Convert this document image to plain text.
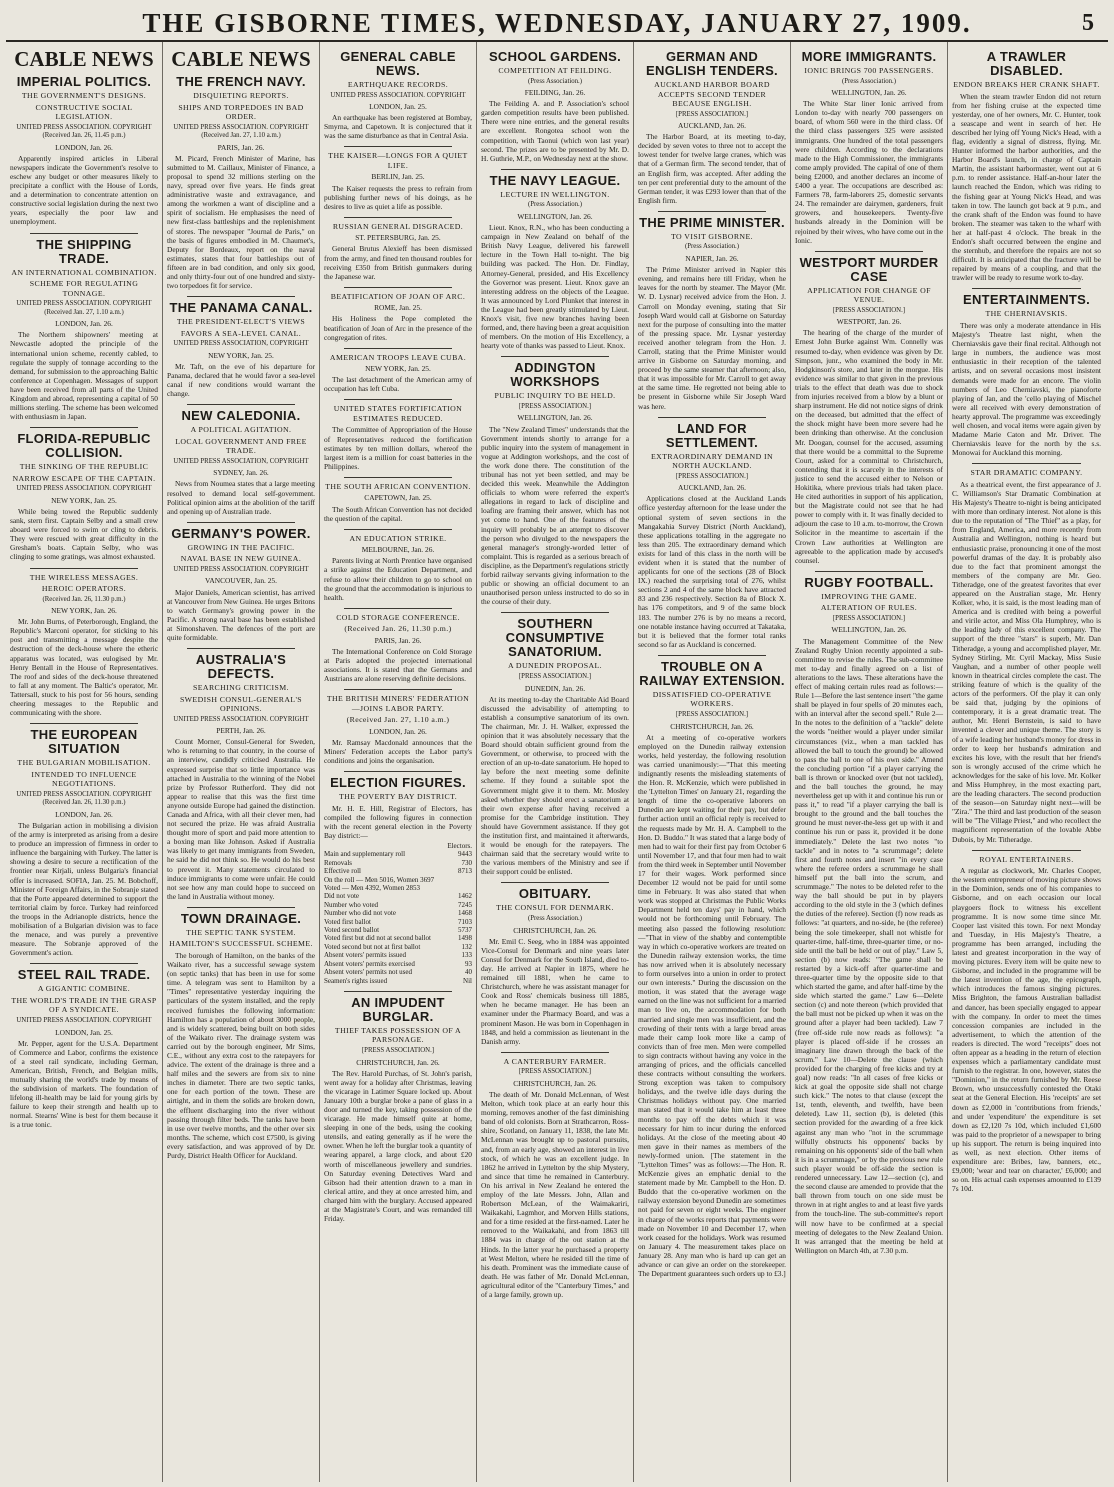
THE GISBORNE TIMES, WEDNESDAY, JANUARY 27, 1909.	5
CABLE NEWS
IMPERIAL POLITICS.
THE GOVERNMENT'S DESIGNS.
CONSTRUCTIVE SOCIAL LEGISLATION.
UNITED PRESS ASSOCIATION. COPYRIGHT (Received Jan. 26, 11.45 p.m.)
LONDON, Jan. 26.

Apparently inspired articles in Liberal newspapers indicate the Government's resolve to eschew any budget or other measures likely to precipitate a conflict with the House of Lords, and a determination to concentrate attention on constructive social legislation during the next two years, especially the poor law and unemployment.

THE SHIPPING TRADE.
AN INTERNATIONAL COMBINATION.
SCHEME FOR REGULATING TONNAGE.
UNITED PRESS ASSOCIATION. COPYRIGHT (Received Jan. 27, 1.10 a.m.)
LONDON, Jan. 26.

The Northern shipowners' meeting at Newcastle adopted the principle of the international union scheme, recently cabled, to regulate the supply of tonnage according to the demand, for submission to the approaching Baltic conference at Copenhagen. Messages of support have been received from all parts of the United Kingdom and abroad, representing a capital of 50 millions sterling. The scheme has been welcomed with enthusiasm in Japan.

FLORIDA-REPUBLIC COLLISION.
THE SINKING OF THE REPUBLIC
NARROW ESCAPE OF THE CAPTAIN.
UNITED PRESS ASSOCIATION. COPYRIGHT
NEW YORK, Jan. 25.

While being towed the Republic suddenly sank, stern first. Captain Selby and a small crew aboard were forced to swim or cling to debris. They were rescued with great difficulty in the Gresham's boats. Captain Selby, who was clinging to some gratings, was almost exhausted.

THE WIRELESS MESSAGES.
HEROIC OPERATORS.
(Received Jan. 26, 11.30 p.m.)
NEW YORK, Jan. 26.

Mr. John Burns, of Peterborough, England, the Republic's Marconi operator, for sticking to his post and transmitting a message despite the destruction of the deck-house where the etheric apparatus was located, was eulogised by Mr. Henry Bentall in the House of Representatives. The roof and sides of the deck-house threatened to fall at any moment. The Baltic's operator, Mr. Tattersall, stuck to his post for 56 hours, sending cheering messages to the Republic and communicating with the shore.

THE EUROPEAN SITUATION
THE BULGARIAN MOBILISATION.
INTENDED TO INFLUENCE NEGOTIATIONS.
UNITED PRESS ASSOCIATION. COPYRIGHT (Received Jan. 26, 11.30 p.m.)
LONDON, Jan. 26.

The Bulgarian action in mobilising a division of the army is interpreted as arising from a desire to produce an impression of firmness in order to influence the bargaining with Turkey. The latter is showing a desire to secure a rectification of the frontier near Kirjali, unless Bulgaria's financial offer is increased. SOFIA, Jan. 25. M. Bobchoff, Minister of Foreign Affairs, in the Sobranje stated that the Porte appeared determined to support the territorial claim by force. Turkey had reinforced the troops in the Adrianople districts, hence the mobilisation of a Bulgarian division was to face the menace, and was purely a preventive measure. The Sobranje approved of the Government's action.

STEEL RAIL TRADE.
A GIGANTIC COMBINE.
THE WORLD'S TRADE IN THE GRASP OF A SYNDICATE.
UNITED PRESS ASSOCIATION. COPYRIGHT
LONDON, Jan. 25.

Mr. Pepper, agent for the U.S.A. Department of Commerce and Labor, confirms the existence of a steel rail syndicate, including German, American, British, French, and Belgian mills, mutually sharing the world's trade by means of the subdivision of markets. The foundation of lifelong ill-health may be laid for young girls by failure to keep their strength and health up to normal. Stearns' Wine is best for them because it is a true tonic.

CABLE NEWS
THE FRENCH NAVY.
DISQUIETING REPORTS.
SHIPS AND TORPEDOES IN BAD ORDER.
UNITED PRESS ASSOCIATION. COPYRIGHT (Received Jan. 27, 1.10 a.m.)
PARIS, Jan. 26.

M. Picard, French Minister of Marine, has submitted to M. Caillaux, Minister of Finance, a proposal to spend 32 millions sterling on the navy, spread over five years. He finds great administrative waste and extravagance, and among the workmen a want of discipline and a spirit of socialism. He emphasises the need of new first-class battleships and the replenishment of stores. The newspaper "Journal de Paris," on the basis of figures embodied in M. Chaumet's, Deputy for Bordeaux, report on the naval estimates, states that four battleships out of fifteen are in bad condition, and only six good, and only thirty-four out of one hundred and sixty-two torpedoes fit for service.

THE PANAMA CANAL.
THE PRESIDENT-ELECT'S VIEWS
FAVORS A SEA-LEVEL CANAL.
UNITED PRESS ASSOCIATION, COPYRIGHT
NEW YORK, Jan. 25.

Mr. Taft, on the eve of his departure for Panama, declared that he would favor a sea-level canal if new conditions would warrant the change.

NEW CALEDONIA.
A POLITICAL AGITATION.
LOCAL GOVERNMENT AND FREE TRADE.
UNITED PRESS ASSOCIATION, COPYRIGHT
SYDNEY, Jan. 26.

News from Noumea states that a large meeting resolved to demand local self-government. Political opinion aims at the abolition of the tariff and opening up of Australian trade.

GERMANY'S POWER.
GROWING IN THE PACIFIC.
NAVAL BASE IN NEW GUINEA.
UNITED PRESS ASSOCIATION. COPYRIGHT
VANCOUVER, Jan. 25.

Major Daniels, American scientist, has arrived at Vancouver from New Guinea. He urges Britons to watch Germany's growing power in the Pacific. A strong naval base has been established at Simonshaven. The defences of the port are quite formidable.

AUSTRALIA'S DEFECTS.
SEARCHING CRITICISM.
SWEDISH CONSUL-GENERAL'S OPINIONS.
UNITED PRESS ASSOCIATION. COPYRIGHT
PERTH, Jan. 26.

Count Morner, Consul-General for Sweden, who is returning to that country, in the course of an interview, candidly criticised Australia. He expressed surprise that so little importance was attached in Australia to the winning of the Nobel prize by Professor Rutherford. They did not appear to realise that this was the first time anyone outside Europe had gained the distinction. Canada and Africa, with all their clever men, had not secured the prize. He was afraid Australia thought more of sport and paid more attention to a boxing man like Johnson. Asked if Australia was likely to get many immigrants from Sweden, he said he did not think so. He would do his best to prevent it. Many statements circulated to induce immigrants to come were unfair. He could not see how any man could hope to succeed on the land in Australia without money.

TOWN DRAINAGE.
THE SEPTIC TANK SYSTEM.
HAMILTON'S SUCCESSFUL SCHEME.

The borough of Hamilton, on the banks of the Waikato river, has a successful sewage system (on septic tanks) that has been in use for some time. A telegram was sent to Hamilton by a "Times" representative yesterday inquiring the particulars of the system installed, and the reply received furnishes the following information: Hamilton has a population of about 3000 people, and is widely scattered, being built on both sides of the Waikato river. The drainage system was carried out by the borough engineer, Mr Sims, C.E., without any extra cost to the ratepayers for advice. The extent of the drainage is three and a half miles and the sewers are from six to nine inches in diameter. There are two septic tanks, one for each portion of the town. These are airtight, and in them the solids are broken down, the effluent discharging into the river without passing through filter beds. The tanks have been in use over twelve months, and the other over six months. The scheme, which cost £7500, is giving every satisfaction, and was approved of by Dr. Purdy, District Health Officer for Auckland.

GENERAL CABLE NEWS.
EARTHQUAKE RECORDS.
UNITED PRESS ASSOCIATION. COPYRIGHT
LONDON, Jan. 25.

An earthquake has been registered at Bombay, Smyrna, and Capetown. It is conjectured that it was the same disturbance as that in Central Asia.

THE KAISER—LONGS FOR A QUIET LIFE.
BERLIN, Jan. 25.

The Kaiser requests the press to refrain from publishing further news of his doings, as he desires to live as quiet a life as possible.

RUSSIAN GENERAL DISGRACED.
ST. PETERSBURG, Jan. 25.

General Brutus Alexieff has been dismissed from the army, and fined ten thousand roubles for receiving £350 from British gunmakers during the Japanese war.

BEATIFICATION OF JOAN OF ARC.
ROME, Jan. 25.

His Holiness the Pope completed the beatification of Joan of Arc in the presence of the congregation of rites.

AMERICAN TROOPS LEAVE CUBA.
NEW YORK, Jan. 25.

The last detachment of the American army of occupation has left Cuba.

UNITED STATES FORTIFICATION ESTIMATES REDUCED.

The Committee of Appropriation of the House of Representatives reduced the fortification estimates by ten million dollars, whereof the largest item is a million for coast batteries in the Philippines.

THE SOUTH AFRICAN CONVENTION.
CAPETOWN, Jan. 25.

The South African Convention has not decided the question of the capital.

AN EDUCATION STRIKE.
MELBOURNE, Jan. 26.

Parents living at North Prentice have organised a strike against the Education Department, and refuse to allow their children to go to school on the ground that the accommodation is injurious to health.

COLD STORAGE CONFERENCE.
(Received Jan. 26, 11.30 p.m.)
PARIS, Jan. 26.

The International Conference on Cold Storage at Paris adopted the projected international associations. It is stated that the Germans and Austrians are alone reserving definite decisions.

THE BRITISH MINERS' FEDERATION—JOINS LABOR PARTY.
(Received Jan. 27, 1.10 a.m.)
LONDON, Jan. 26.

Mr. Ramsay Macdonald announces that the Miners' Federation accepts the Labor party's conditions and joins the organisation.

ELECTION FIGURES.
THE POVERTY BAY DISTRICT.

Mr. H. E. Hill, Registrar of Electors, has compiled the following figures in connection with the recent general election in the Poverty Bay district:—

	Electors.
Main and supplementary roll	9443
Removals	730
Effective roll	8713
On the roll — Men 5016, Women 3697	
Voted — Men 4392, Women 2853	
Did not vote	1462
Number who voted	7245
Number who did not vote	1468
Voted first ballot	7103
Voted second ballot	5737
Voted first but did not at second ballot	1498
Voted second but not at first ballot	132
Absent voters' permits issued	133
Absent voters' permits exercised	93
Absent voters' permits not used	40
Seamen's rights issued	Nil
AN IMPUDENT BURGLAR.
THIEF TAKES POSSESSION OF A PARSONAGE.
[PRESS ASSOCIATION.]
CHRISTCHURCH, Jan. 26.

The Rev. Harold Purchas, of St. John's parish, went away for a holiday after Christmas, leaving the vicarage in Latimer Square locked up. About January 10th a burglar broke a pane of glass in a door and turned the key, taking possession of the vicarage. He made himself quite at home, sleeping in one of the beds, using the cooking utensils, and eating generally as if he were the owner. When he left the burglar took a quantity of wearing apparel, a large clock, and about £20 worth of miscellaneous jewellery and sundries. On Saturday evening Detectives Ward and Gibson had their attention drawn to a man in clerical attire, and they at once arrested him, and charged him with the burglary. Accused appeared at the Magistrate's Court, and was remanded till Friday.

SCHOOL GARDENS.
COMPETITION AT FEILDING.
(Press Association.)
FEILDING, Jan. 26.

The Feilding A. and P. Association's school garden competition results have been published. There were nine entries, and the general results are excellent. Rongotea school won the competition, with Taonui (which won last year) second. The prizes are to be presented by Mr. D. H. Guthrie, M.P., on Wednesday next at the show.

THE NAVY LEAGUE.
LECTURE IN WELLINGTON.
(Press Association.)
WELLINGTON, Jan. 26.

Lieut. Knox, R.N., who has been conducting a campaign in New Zealand on behalf of the British Navy League, delivered his farewell lecture in the Town Hall to-night. The big building was packed. The Hon. Dr. Findlay, Attorney-General, presided, and His Excellency the Governor was present. Lieut. Knox gave an interesting address on the objects of the League. It was announced by Lord Plunket that interest in the League had been greatly stimulated by Lieut. Knox's visit, five new branches having been formed, and, there having been a great acquisition of members. On the motion of His Excellency, a hearty vote of thanks was passed to Lieut. Knox.

ADDINGTON WORKSHOPS
PUBLIC INQUIRY TO BE HELD.
[PRESS ASSOCIATION.]
WELLINGTON, Jan. 26.

The "New Zealand Times" understands that the Government intends shortly to arrange for a public inquiry into the system of management in vogue at Addington workshops, and the cost of the work done there. The constitution of the tribunal has not yet been settled, and may be decided this week. Meanwhile the Addington officials to whom were referred the expert's allegations in regard to lack of discipline and loafing are framing their answer, which has not yet come to hand. One of the features of the inquiry will probably be an attempt to discover the person who divulged to the newspapers the general manager's strongly-worded letter of complaint. This is regarded as a serious breach of discipline, as the Department's regulations strictly forbid railway servants giving information to the public or showing an official document to an unauthorised person unless instructed to do so in the course of their duty.

SOUTHERN CONSUMPTIVE SANATORIUM.
A DUNEDIN PROPOSAL.
[PRESS ASSOCIATION.]
DUNEDIN, Jan. 26.

At its meeting to-day the Charitable Aid Board discussed the advisability of attempting to establish a consumptive sanatorium of its own. The chairman, Mr. J. H. Walker, expressed the opinion that it was absolutely necessary that the Board should obtain sufficient ground from the Government, or otherwise, to proceed with the erection of an up-to-date sanatorium. He hoped to lay before the next meeting some definite scheme. If they found a suitable spot the Government might give it to them. Mr. Mosley asked whether they should erect a sanatorium at their own expense after having received a promise for the Cambridge institution. They should have Government assistance. If they got the institution first, and maintained it afterwards, it would be enough for the ratepayers. The chairman said that the secretary would write to the various members of the Ministry and see if their support could be enlisted.

OBITUARY.
THE CONSUL FOR DENMARK.
(Press Association.)
CHRISTCHURCH, Jan. 26.

Mr. Emil C. Seeg, who in 1884 was appointed Vice-Consul for Denmark and nine years later Consul for Denmark for the South Island, died to-day. He arrived at Napier in 1875, where he remained till 1881, when he came to Christchurch, where he was assistant manager for Cook and Ross' chemicals business till 1885, when he became manager. He has been an examiner under the Pharmacy Board, and was a prominent Mason. He was born in Copenhagen in 1848, and held a commission as lieutenant in the Danish army.

A CANTERBURY FARMER.
[PRESS ASSOCIATION.]
CHRISTCHURCH, Jan. 26.

The death of Mr. Donald McLennan, of West Melton, which took place at an early hour this morning, removes another of the fast diminishing band of old colonists. Born at Strathcarron, Ross-shire, Scotland, on January 11, 1838, the late Mr. McLennan was brought up to pastoral pursuits, and, from an early age, showed an interest in live stock, of which he was an excellent judge. In 1862 he arrived in Lyttelton by the ship Mystery, and since that time he remained in Canterbury. On his arrival in New Zealand he entered the employ of the late Messrs. John, Allan and Robertson McLean, of the Waimakariri, Waikakahi, Lagmhor, and Morven Hills stations, and for a time resided at the first-named. Later he removed to the Waikakahi, and from 1863 till 1884 was in charge of the out station at the Hinds. In the latter year he purchased a property at West Melton, where he resided till the time of his death. Prominent was the immediate cause of death. He was father of Mr. Donald McLennan, agricultural editor of the "Canterbury Times," and of a large family, grown up.

GERMAN AND ENGLISH TENDERS.
AUCKLAND HARBOR BOARD ACCEPTS SECOND TENDER BECAUSE ENGLISH.
[PRESS ASSOCIATION.]
AUCKLAND, Jan. 26.

The Harbor Board, at its meeting to-day, decided by seven votes to three not to accept the lowest tender for twelve large cranes, which was that of a German firm. The second tender, that of an English firm, was accepted. After adding the ten per cent preferential duty to the amount of the German tender, it was £293 lower than that of the English firm.

THE PRIME MINISTER.
TO VISIT GISBORNE.
(Press Association.)
NAPIER, Jan. 26.

The Prime Minister arrived in Napier this evening, and remains here till Friday, when he leaves for the north by steamer. The Mayor (Mr. W. D. Lysnar) received advice from the Hon. J. Carroll on Monday evening, stating that Sir Joseph Ward would call at Gisborne on Saturday next for the purpose of consulting into the matter of the pressing space. Mr. Lysnar yesterday received another telegram from the Hon. J. Carroll, stating that the Prime Minister would arrive in Gisborne on Saturday morning, and proceed by the same steamer that afternoon; also, that it was impossible for Mr. Carroll to get away at the same time. He regretted not being able to be present in Gisborne while Sir Joseph Ward was here.

LAND FOR SETTLEMENT.
EXTRAORDINARY DEMAND IN NORTH AUCKLAND.
[PRESS ASSOCIATION.]
AUCKLAND, Jan. 26.

Applications closed at the Auckland Lands office yesterday afternoon for the lease under the optional system of seven sections in the Mangakahia Survey District (North Auckland), these applications totalling in the aggregate no less than 205. The extraordinary demand which exists for land of this class in the north will be evident when it is stated that the number of applicants for one of the sections (28 of Block IX.) reached the surprising total of 276, whilst sections 2 and 4 of the same block have attracted 83 and 236 respectively. Section 8a of Block X. has 176 competitors, and 9 of the same block 183. The number 276 is by no means a record, one notable instance having occurred at Takataka, but it is believed that the former total ranks second so far as Auckland is concerned.

TROUBLE ON A RAILWAY EXTENSION.
DISSATISFIED CO-OPERATIVE WORKERS.
[PRESS ASSOCIATION.]
CHRISTCHURCH, Jan. 26.

At a meeting of co-operative workers employed on the Dunedin railway extension works, held yesterday, the following resolution was carried unanimously:—"That this meeting indignantly resents the misleading statements of the Hon. R. McKenzie, which were published in the 'Lyttelton Times' on January 21, regarding the length of time the co-operative laborers on Dunedin are kept waiting for their pay, but defer further action until an official reply is received to the requests made by Mr. H. A. Campbell to the Hon. D. Buddo." It was stated that a large body of men had to wait for their first pay from October 6 until November 17, and that four men had to wait from the third week in September until November 17 for their wages. Work performed since December 12 would not be paid for until some time in February. It was also stated that when work was stopped at Christmas the Public Works Department held ten days' pay in hand, which would not be forthcoming until February. The meeting also passed the following resolution:—"That in view of the shabby and contemptible way in which co-operative workers are treated on the Dunedin railway extension works, the time has now arrived when it is absolutely necessary to form ourselves into a union in order to protect our own interests." During the discussion on the motion, it was stated that the average wage earned on the line was not sufficient for a married man to live on, the accommodation for both married and single men was insufficient, and the crowding of their tents with a large bread areas made their camp look more like a camp of convicts than of free men. Men were compelled to sign contracts without having any voice in the arranging of prices, and the officials cancelled these contracts without consulting the workers. Strong exception was taken to compulsory holidays, and the twelve idle days during the Christmas holidays without pay. One married man stated that it would take him at least three months to pay off the debts which it was necessary for him to incur during the enforced holidays. At the close of the meeting about 40 men gave in their names as members of the newly-formed union. [The statement in the "Lyttelton Times" was as follows:—The Hon. R. McKenzie gives an emphatic denial to the statement made by Mr. Campbell to the Hon. D. Buddo that the co-operative workmen on the railway extension beyond Dunedin are sometimes not paid for seven or eight weeks. The engineer in charge of the works reports that payments were made on November 10 and December 17, when work ceased for the holidays. Work was resumed on January 4. The measurement takes place on January 28. Any man who is hard up can get an advance or can give an order on the storekeeper. The Department guarantees such orders up to £3.]

MORE IMMIGRANTS.
IONIC BRINGS 700 PASSENGERS.
(Press Association.)
WELLINGTON, Jan. 26.

The White Star liner Ionic arrived from London to-day with nearly 700 passengers on board, of whom 560 were in the third class. Of the third class passengers 325 were assisted immigrants. One hundred of the total passengers were children. According to the declarations made to the High Commissioner, the immigrants come amply provided. The capital of one of them being £2000, and another declares an income of £400 a year. The occupations are described as: Farmers 78, farm-laborers 25, domestic servants 24. The remainder are dairymen, gardeners, fruit growers, and housekeepers. Twenty-five husbands already in the Dominion will be rejoined by their wives, who have come out in the Ionic.

WESTPORT MURDER CASE
APPLICATION FOR CHANGE OF VENUE.
[PRESS ASSOCIATION.]
WESTPORT, Jan. 26.

The hearing of the charge of the murder of Ernest John Burke against Wm. Connelly was resumed to-day, when evidence was given by Dr. Simpson, junr., who examined the body in Mr. Hodgkinson's store, and later in the morgue. His evidence was similar to that given in the previous trials to the effect that death was due to shock from injuries received from a blow by a blunt or sharp instrument. He did not notice signs of drink on the deceased, but admitted that the effect of the shock might have been more severe had he been drinking than otherwise. At the conclusion Mr. Doogan, counsel for the accused, assuming that there would be a committal to the Supreme Court, asked for a committal to Christchurch, contending that it is scarcely in the interests of justice to send the accused either to Nelson or Hokitika, where previous trials had taken place. He cited authorities in support of his application, but the Magistrate could not see that he had power to comply with it. It was finally decided to adjourn the case to 10 a.m. to-morrow, the Crown Solicitor in the meantime to ascertain if the Crown Law authorities at Wellington are agreeable to the application made by accused's counsel.

RUGBY FOOTBALL.
IMPROVING THE GAME.
ALTERATION OF RULES.
[PRESS ASSOCIATION.]
WELLINGTON, Jan. 26.

The Management Committee of the New Zealand Rugby Union recently appointed a sub-committee to revise the rules. The sub-committee met to-day and finally agreed on a list of alterations to the laws. These alterations have the effect of making certain rules read as follows:—Rule 1—Before the last sentence insert "the game shall be played in four spells of 20 minutes each, with an interval after the second spell." Rule 2—In the notes to the definition of a "tackle" delete the words "neither would a player under similar circumstances (viz., when a man tackled has allowed the ball to touch the ground) be allowed to pass the ball to one of his own side." Amend the concluding portion "if a player carrying the ball is thrown or knocked over (but not tackled), and the ball touches the ground, he may nevertheless get up with it and continue his run or pass it," to read "if a player carrying the ball is brought to the ground and the ball touches the ground he must never-the-less get up with it and continue his run or pass it, provided it be done immediately." Delete the last two notes "to tackle" and in notes to "a scrummage"; delete first and fourth notes and insert "in every case where the referee orders a scrummage he shall himself put the ball into the scrum, and scrummage." The notes to be deleted refer to the way the ball should be put in by players according to the old style in the 3 (which defines the duties of the referee). Section (f) now reads as follows: "at quarters, and no-side, he (the referee) being the sole timekeeper, shall not whistle for quarter-time, half-time, three-quarter time, or no-side until the ball be held or out of play." Law 5, section (b) now reads: "The game shall be restarted by a kick-off after quarter-time and three-quarter time by the opposite side to that which started the game, and after half-time by the side which started the game." Law 6—Delete section (c) and note thereon (which provided that the ball must not be picked up when it was on the ground after a player had been tackled). Law 7 (free off-side rule now reads as follows): "a player is placed off-side if he crosses an imaginary line drawn through the back of the scrum." Law 10—Delete the clause (which provided for the charging of free kicks and try at goal) now reads: "In all cases of free kicks or kick at goal the opposite side shall not charge such kick." The notes to that clause (except the 1st, tenth, eleventh, and twelfth, have been deleted). Law 11, section (b), is deleted (this section provided for the awarding of a free kick against any man who "not in the scrummage wilfully obstructs his opponents' backs by remaining on his opponents' side of the ball when it is in a scrummage," or by the previous new rule such player would be off-side the section is rendered unnecessary. Law 12—section (c), and the second clause are amended to provide that the ball thrown from touch on one side must be thrown in at right angles to and at least five yards from the touch-line. The sub-committee's report will now have to be confirmed at a special meeting of delegates to the New Zealand Union. It was arranged that the meeting be held at Wellington on March 4th, at 7.30 p.m.

A TRAWLER DISABLED.
ENDON BREAKS HER CRANK SHAFT.

When the steam trawler Endon did not return from her fishing cruise at the expected time yesterday, one of her owners, Mr. C. Hunter, took a seascape and went in search of her. He described her lying off Young Nick's Head, with a flag, evidently a signal of distress, flying. Mr. Hunter informed the harbor authorities, and the Harbor Board's launch, in charge of Captain Martin, the assistant harbormaster, went out at 6 p.m. to render assistance. Half-an-hour later the launch reached the Endon, which was riding to the fishing gear at Young Nick's Head, and was taken in tow. The launch got back at 9 p.m., and the crank shaft of the Endon was found to have broken. The steamer was taken to the wharf with her at half-past 4 o'clock. The break in the Endon's shaft occurred between the engine and the sternhub, and therefore the repairs are not so difficult. It is anticipated that the fracture will be repaired by means of a coupling, and that the trawler will be ready to resume work to-day.

ENTERTAINMENTS.
THE CHERNIAVSKIS.

There was only a moderate attendance in His Majesty's Theatre last night, when the Cherniavskis gave their final recital. Although not large in numbers, the audience was most enthusiastic in their reception of the talented artists, and on several occasions most insistent demands were made for an encore. The violin numbers of Leo Cherniavski, the pianoforte playing of Jan, and the 'cello playing of Mischel were all received with every demonstration of hearty approval. The programme was exceedingly well chosen, and vocal items were again given by Madame Marie Caton and Mr. Driver. The Cherniavskis leave for the north by the s.s. Monowai for Auckland this morning.

STAR DRAMATIC COMPANY.

As a theatrical event, the first appearance of J. C. Williamson's Star Dramatic Combination at His Majesty's Theatre to-night is being anticipated with more than ordinary interest. Not alone is this due to the reputation of "The Thief" as a play, for from England, America, and more recently from Australia and Wellington, nothing is heard but enthusiastic praise, pronouncing it one of the most powerful dramas of the day. It is probably also due to the fact that prominent amongst the members of the company are Mr. Geo. Titheradge, one of the greatest favorites that ever appeared on the Australian stage, Mr. Henry Kolker, who, it is said, is the most leading man of America and is credited with being a powerful and virile actor, and Miss Ola Humphrey, who is the leading lady of this excellent company. The support of the three "stars" is superb, Mr. Dan Titheradge, a young and accomplished player, Mr. Sydney Stirling, Mr. Cyril Mackay, Miss Susie Vaughan, and a number of other people well known in theatrical circles complete the cast. The striking feature of which is the quality of the actors of the performers. Of the play it can only be said that, judging by the opinions of contemporary, it is a great dramatic treat. The author, Mr. Henri Bernstein, is said to have invented a clever and unique theme. The story is of a wife leading her husband's money for dress in order to keep her husband's admiration and excites his love, with the result that her friend's son is wrongly accused of the crime which he acknowledges for the sake of his love. Mr. Kolker and Miss Humphrey, in the most exacting part, are the leading characters. The second production of the season—on Saturday night next—will be "Zira." The third and last production of the season will be "The Village Priest," and who recollect the magnificent representation of the lovable Abbe Dubois, by Mr. Titheradge.

ROYAL ENTERTAINERS.

A regular as clockwork, Mr. Charles Cooper, the western entrepreneur of moving picture shows in the Dominion, sends one of his companies to Gisborne, and on each occasion our local playgoers flock to witness his excellent programme. It is now some time since Mr. Cooper last visited this town. For next Monday and Tuesday, in His Majesty's Theatre, a programme has been arranged, including the latest and greatest incorporation in the way of moving pictures. Every item will be quite new to Gisborne, and included in the programme will be the latest invention of the age, the epicograph, which introduces the famous singing pictures. Miss Brighton, the famous Australian balladist and dancer, has been specially engaged to appear with the company. In order to meet the times concession companies are included in the advertisement, to which the attention of the readers is directed. The word "receipts" does not often appear as a heading in the return of election expenses which a parliamentary candidate must furnish to the registrar. In one, however, states the "Dominion," in the return furnished by Mr. Reese Brown, who unsuccessfully contested the Otaki seat at the General Election. His 'receipts' are set down as £2,000 in 'contributions from friends,' and under 'expenditure' the expenditure is set down as £2,120 7s 10d, which included £1,600 was paid to the proprietor of a newspaper to bring up his support. The return is being inquired into as well, as next election. Other items of expenditure are: Bribes, law, banners, etc., £9,000; 'wear and tear on character,' £6,000; and so on. His actual cash expenses amounted to £139 7s 10d.
